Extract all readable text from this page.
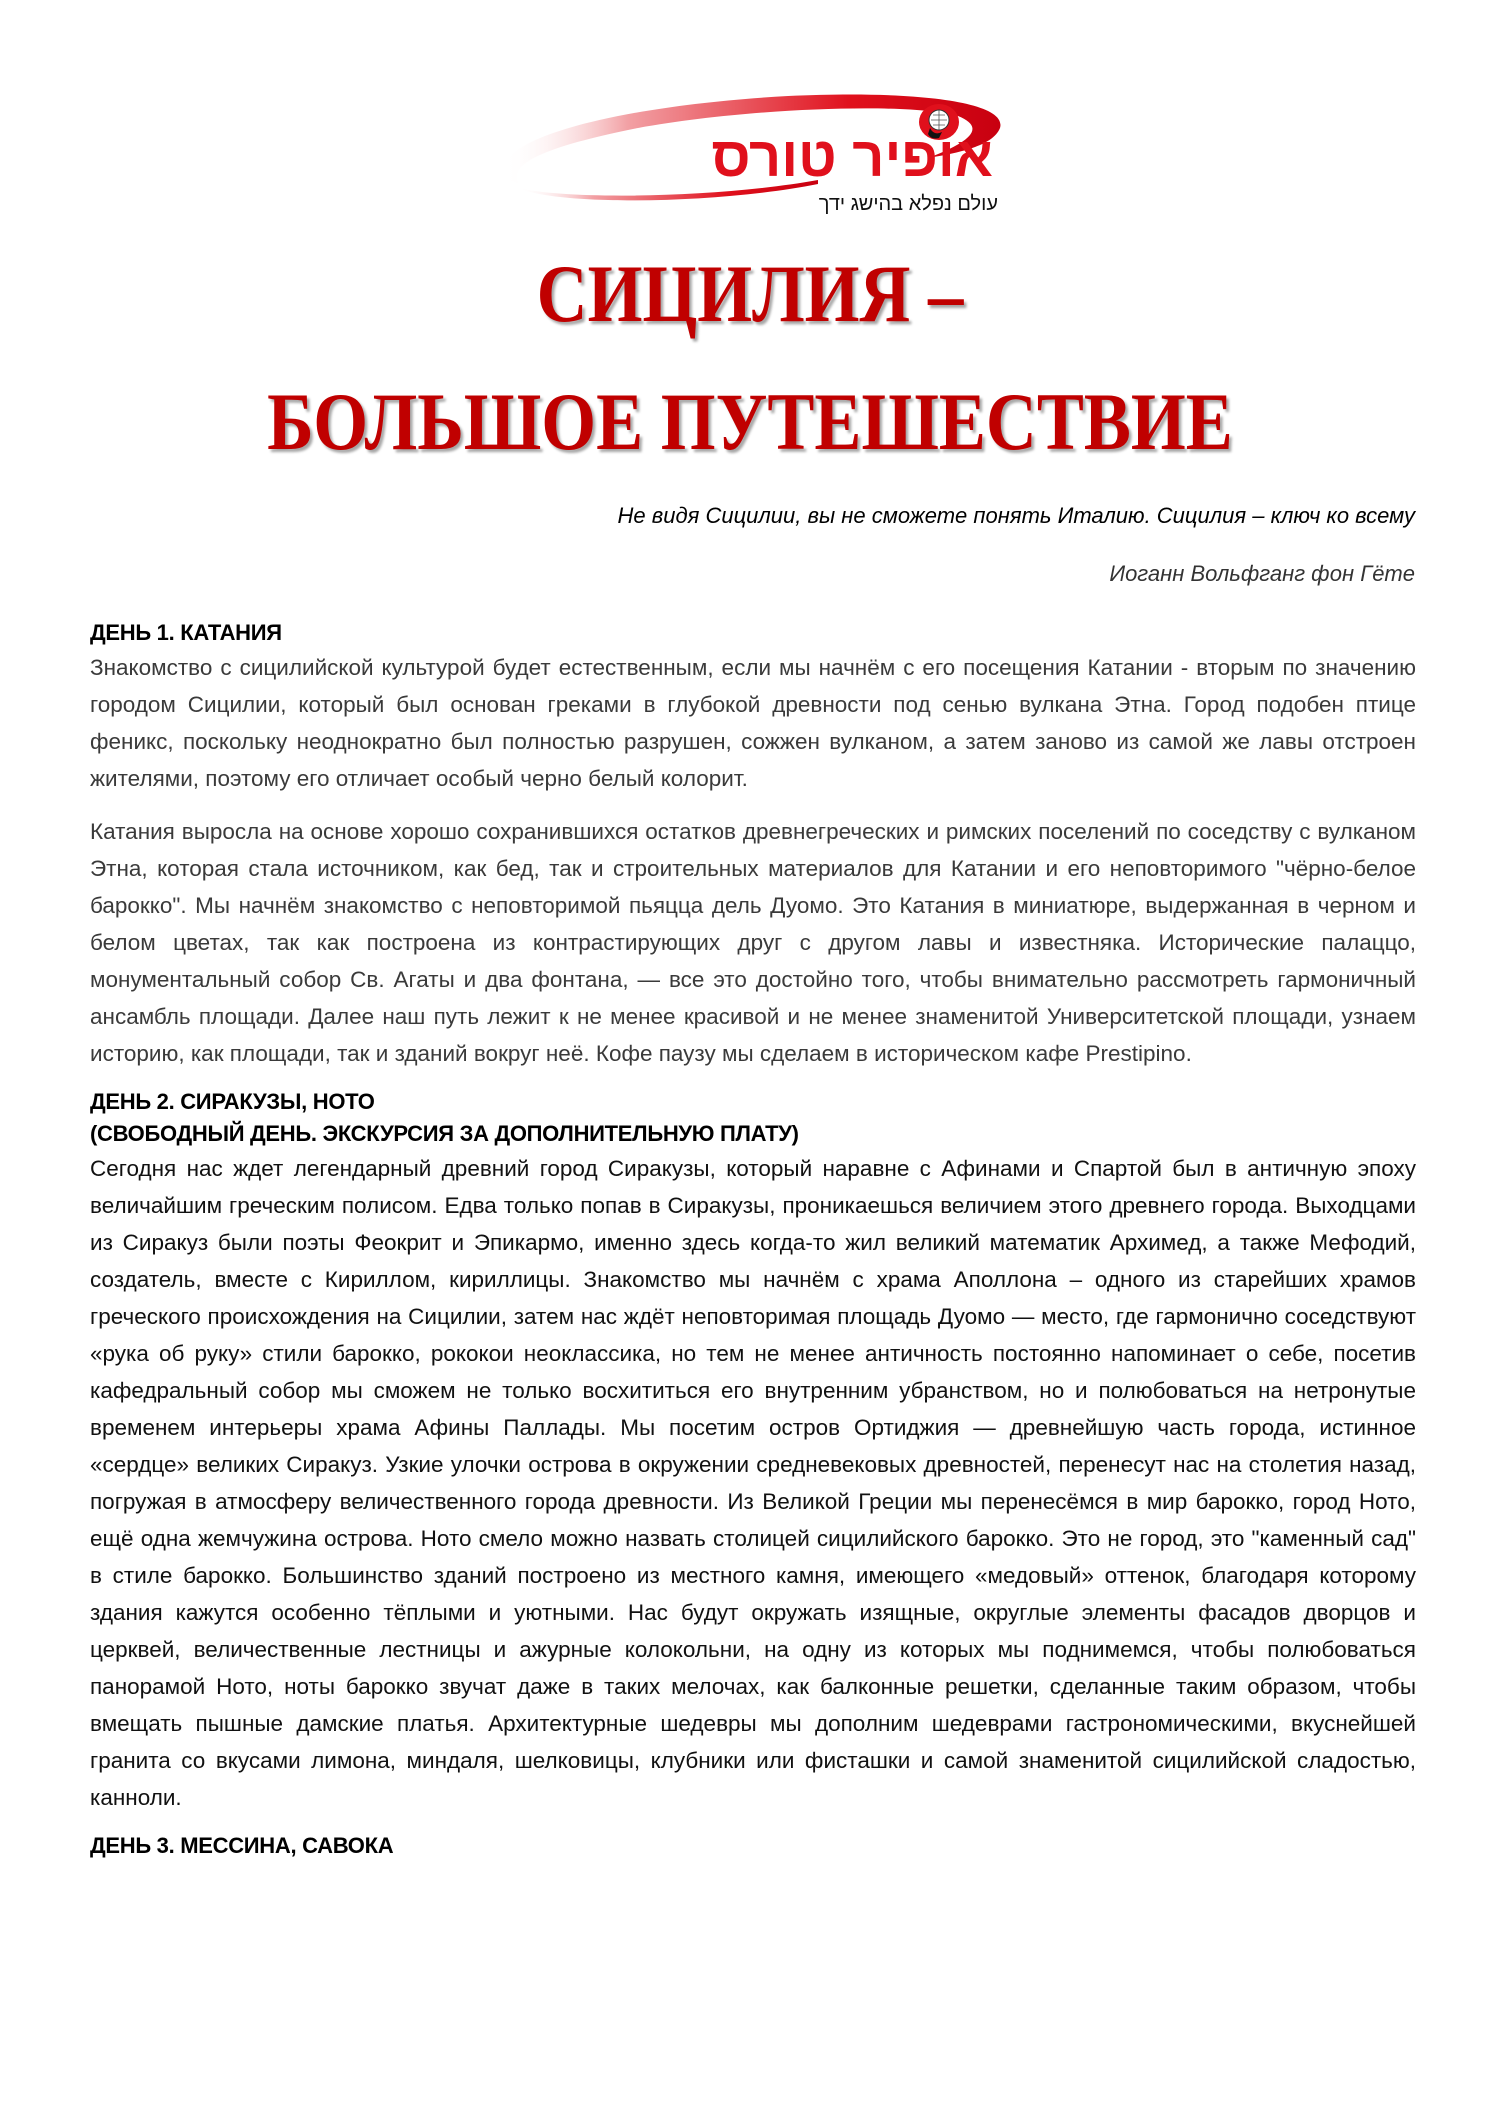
אופיר טורס
עולם נפלא בהישג ידך
СИЦИЛИЯ –
БОЛЬШОЕ ПУТЕШЕСТВИЕ
Не видя Сицилии, вы не сможете понять Италию. Сицилия – ключ ко всему
Иоганн Вольфганг фон Гёте
ДЕНЬ 1. КАТАНИЯ

Знакомство с сицилийской культурой будет естественным, если мы начнём с его посещения Катании - вторым по значению городом Сицилии, который был основан греками в глубокой древности под сенью вулкана Этна. Город подобен птице феникс, поскольку неоднократно был полностью разрушен, сожжен вулканом, а затем заново из самой же лавы отстроен жителями, поэтому его отличает особый черно белый колорит.

Катания выросла на основе хорошо сохранившихся остатков древнегреческих и римских поселений по соседству с вулканом Этна, которая стала источником, как бед, так и строительных материалов для Катании и его неповторимого "чёрно-белое барокко". Мы начнём знакомство с неповторимой пьяцца дель Дуомо. Это Катания в миниатюре, выдержанная в черном и белом цветах, так как построена из контрастирующих друг с другом лавы и известняка. Исторические палаццо, монументальный собор Св. Агаты и два фонтана, — все это достойно того, чтобы внимательно рассмотреть гармоничный ансамбль площади. Далее наш путь лежит к не менее красивой и не менее знаменитой Университетской площади, узнаем историю, как площади, так и зданий вокруг неё. Кофе паузу мы сделаем в историческом кафе Prestipino.

ДЕНЬ 2. СИРАКУЗЫ, НОТО
(СВОБОДНЫЙ ДЕНЬ. ЭКСКУРСИЯ ЗА ДОПОЛНИТЕЛЬНУЮ ПЛАТУ)

Сегодня нас ждет легендарный древний город Сиракузы, который наравне с Афинами и Спартой был в античную эпоху величайшим греческим полисом. Едва только попав в Сиракузы, проникаешься величием этого древнего города. Выходцами из Сиракуз были поэты Феокрит и Эпикармо, именно здесь когда-то жил великий математик Архимед, а также Мефодий, создатель, вместе с Кириллом, кириллицы. Знакомство мы начнём с храма Аполлона – одного из старейших храмов греческого происхождения на Сицилии, затем нас ждёт неповторимая площадь Дуомо — место, где гармонично соседствуют «рука об руку» стили барокко, рококои неоклассика, но тем не менее античность постоянно напоминает о себе, посетив кафедральный собор мы сможем не только восхититься его внутренним убранством, но и полюбоваться на нетронутые временем интерьеры храма Афины Паллады. Мы посетим остров Ортиджия — древнейшую часть города, истинное «сердце» великих Сиракуз. Узкие улочки острова в окружении средневековых древностей, перенесут нас на столетия назад, погружая в атмосферу величественного города древности. Из Великой Греции мы перенесёмся в мир барокко, город Ното, ещё одна жемчужина острова. Ното смело можно назвать столицей сицилийского барокко. Это не город, это "каменный сад" в стиле барокко. Большинство зданий построено из местного камня, имеющего «медовый» оттенок, благодаря которому здания кажутся особенно тёплыми и уютными. Нас будут окружать изящные, округлые элементы фасадов дворцов и церквей, величественные лестницы и ажурные колокольни, на одну из которых мы поднимемся, чтобы полюбоваться панорамой Ното, ноты барокко звучат даже в таких мелочах, как балконные решетки, сделанные таким образом, чтобы вмещать пышные дамские платья. Архитектурные шедевры мы дополним шедеврами гастрономическими, вкуснейшей гранита со вкусами лимона, миндаля, шелковицы, клубники или фисташки и самой знаменитой сицилийской сладостью, канноли.

ДЕНЬ 3. МЕССИНА, САВОКА
